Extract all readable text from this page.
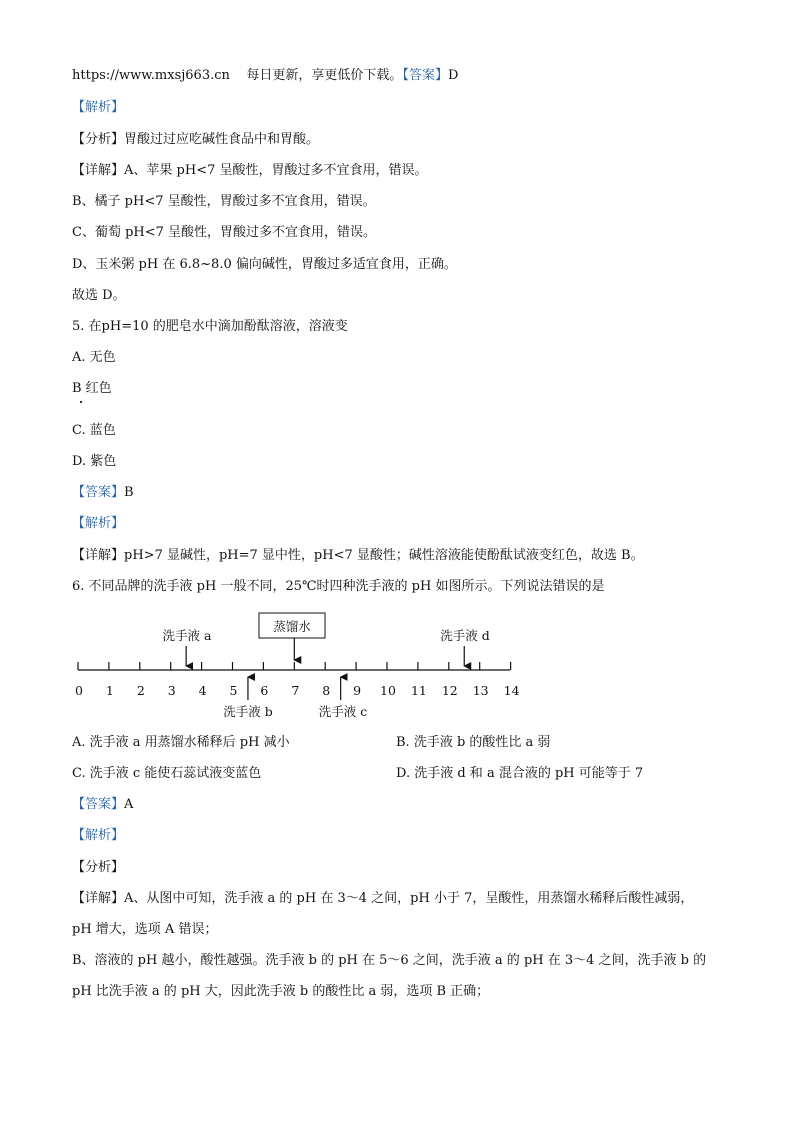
https://www.mxsj663.cn 每日更新，享更低价下载。【答案】D
【解析】
【分析】胃酸过过应吃碱性食品中和胃酸。
【详解】A、苹果 pH<7 呈酸性，胃酸过多不宜食用，错误。
B、橘子 pH<7 呈酸性，胃酸过多不宜食用，错误。
C、葡萄 pH<7 呈酸性，胃酸过多不宜食用，错误。
D、玉米粥 pH 在 6.8~8.0 偏向碱性，胃酸过多适宜食用，正确。
故选 D。
5. 在pH=10 的肥皂水中滴加酚酞溶液，溶液变
A. 无色
B 红色
C. 蓝色
D. 紫色
【答案】B
【解析】
【详解】pH>7 显碱性，pH=7 显中性，pH<7 显酸性；碱性溶液能使酚酞试液变红色，故选 B。
6. 不同品牌的洗手液 pH 一般不同，25℃时四种洗手液的 pH 如图所示。下列说法错误的是
0 1 2 3 4 5 6 7 8 9 10 11 12 13 14
蒸馏水
洗手液 a	洗手液 d
洗手液 b	洗手液 c
A. 洗手液 a 用蒸馏水稀释后 pH 减小	B. 洗手液 b 的酸性比 a 弱
C. 洗手液 c 能使石蕊试液变蓝色	D. 洗手液 d 和 a 混合液的 pH 可能等于 7
【答案】A
【解析】
【分析】
【详解】A、从图中可知，洗手液 a 的 pH 在 3～4 之间，pH 小于 7，呈酸性，用蒸馏水稀释后酸性减弱，
pH 增大，选项 A 错误；
B、溶液的 pH 越小，酸性越强。洗手液 b 的 pH 在 5～6 之间，洗手液 a 的 pH 在 3～4 之间，洗手液 b 的
pH 比洗手液 a 的 pH 大，因此洗手液 b 的酸性比 a 弱，选项 B 正确；
